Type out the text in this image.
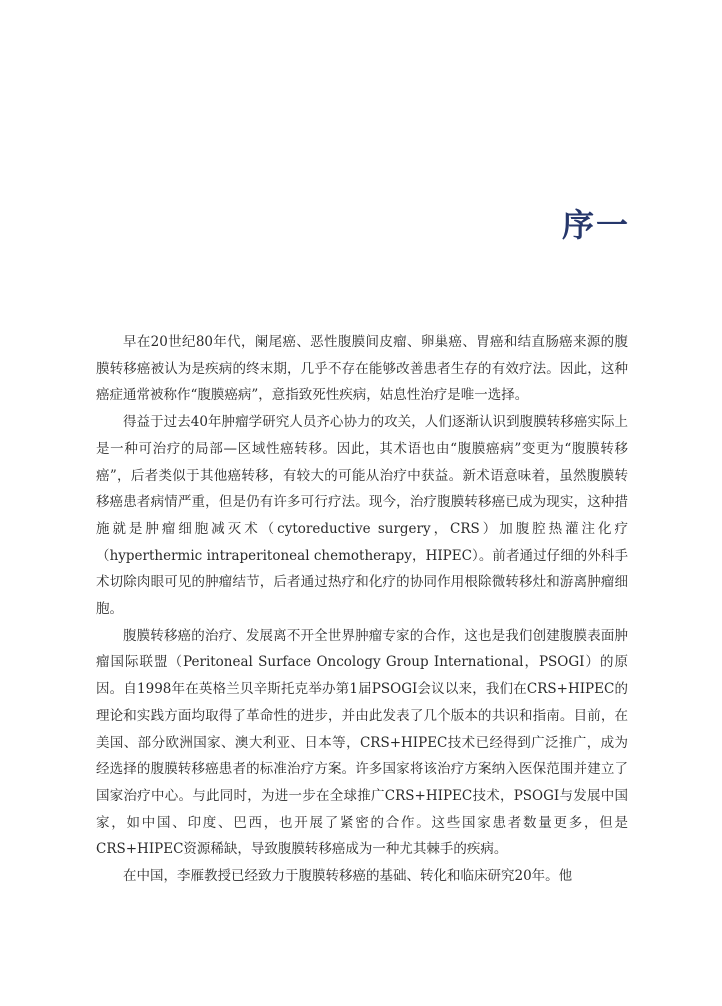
序一

早在20世纪80年代，阑尾癌、恶性腹膜间皮瘤、卵巢癌、胃癌和结直肠癌来源的腹膜转移癌被认为是疾病的终末期，几乎不存在能够改善患者生存的有效疗法。因此，这种癌症通常被称作“腹膜癌病”，意指致死性疾病，姑息性治疗是唯一选择。

得益于过去40年肿瘤学研究人员齐心协力的攻关，人们逐渐认识到腹膜转移癌实际上是一种可治疗的局部—区域性癌转移。因此，其术语也由“腹膜癌病”变更为“腹膜转移癌”，后者类似于其他癌转移，有较大的可能从治疗中获益。新术语意味着，虽然腹膜转移癌患者病情严重，但是仍有许多可行疗法。现今，治疗腹膜转移癌已成为现实，这种措施就是肿瘤细胞减灭术（cytoreductive surgery，CRS）加腹腔热灌注化疗（hyperthermic intraperitoneal chemotherapy，HIPEC）。前者通过仔细的外科手术切除肉眼可见的肿瘤结节，后者通过热疗和化疗的协同作用根除微转移灶和游离肿瘤细胞。

腹膜转移癌的治疗、发展离不开全世界肿瘤专家的合作，这也是我们创建腹膜表面肿瘤国际联盟（Peritoneal Surface Oncology Group International，PSOGI）的原因。自1998年在英格兰贝辛斯托克举办第1届PSOGI会议以来，我们在CRS+HIPEC的理论和实践方面均取得了革命性的进步，并由此发表了几个版本的共识和指南。目前，在美国、部分欧洲国家、澳大利亚、日本等，CRS+HIPEC技术已经得到广泛推广，成为经选择的腹膜转移癌患者的标准治疗方案。许多国家将该治疗方案纳入医保范围并建立了国家治疗中心。与此同时，为进一步在全球推广CRS+HIPEC技术，PSOGI与发展中国家，如中国、印度、巴西，也开展了紧密的合作。这些国家患者数量更多，但是CRS+HIPEC资源稀缺，导致腹膜转移癌成为一种尤其棘手的疾病。

在中国，李雁教授已经致力于腹膜转移癌的基础、转化和临床研究20年。他
